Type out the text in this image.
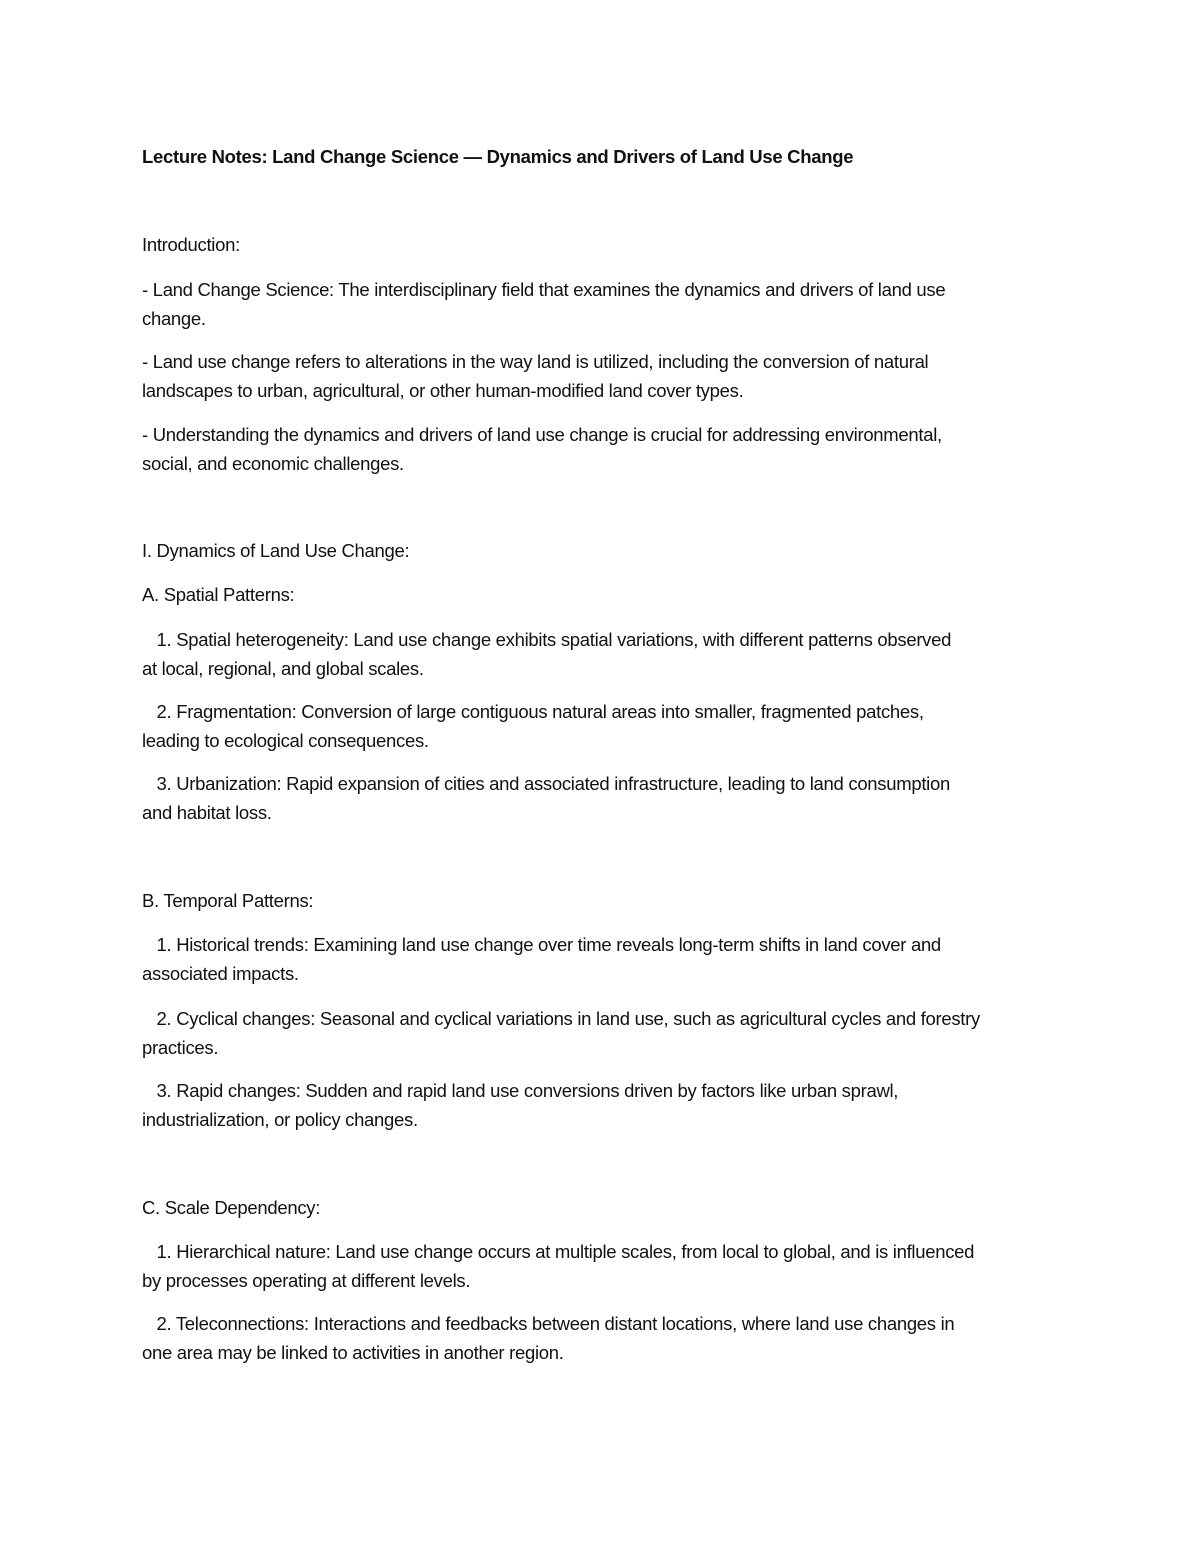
Lecture Notes: Land Change Science — Dynamics and Drivers of Land Use Change
Introduction:
- Land Change Science: The interdisciplinary field that examines the dynamics and drivers of land use
change.
- Land use change refers to alterations in the way land is utilized, including the conversion of natural
landscapes to urban, agricultural, or other human-modified land cover types.
- Understanding the dynamics and drivers of land use change is crucial for addressing environmental,
social, and economic challenges.
I. Dynamics of Land Use Change:
A. Spatial Patterns:
1. Spatial heterogeneity: Land use change exhibits spatial variations, with different patterns observed
at local, regional, and global scales.
2. Fragmentation: Conversion of large contiguous natural areas into smaller, fragmented patches,
leading to ecological consequences.
3. Urbanization: Rapid expansion of cities and associated infrastructure, leading to land consumption
and habitat loss.
B. Temporal Patterns:
1. Historical trends: Examining land use change over time reveals long-term shifts in land cover and
associated impacts.
2. Cyclical changes: Seasonal and cyclical variations in land use, such as agricultural cycles and forestry
practices.
3. Rapid changes: Sudden and rapid land use conversions driven by factors like urban sprawl,
industrialization, or policy changes.
C. Scale Dependency:
1. Hierarchical nature: Land use change occurs at multiple scales, from local to global, and is influenced
by processes operating at different levels.
2. Teleconnections: Interactions and feedbacks between distant locations, where land use changes in
one area may be linked to activities in another region.
